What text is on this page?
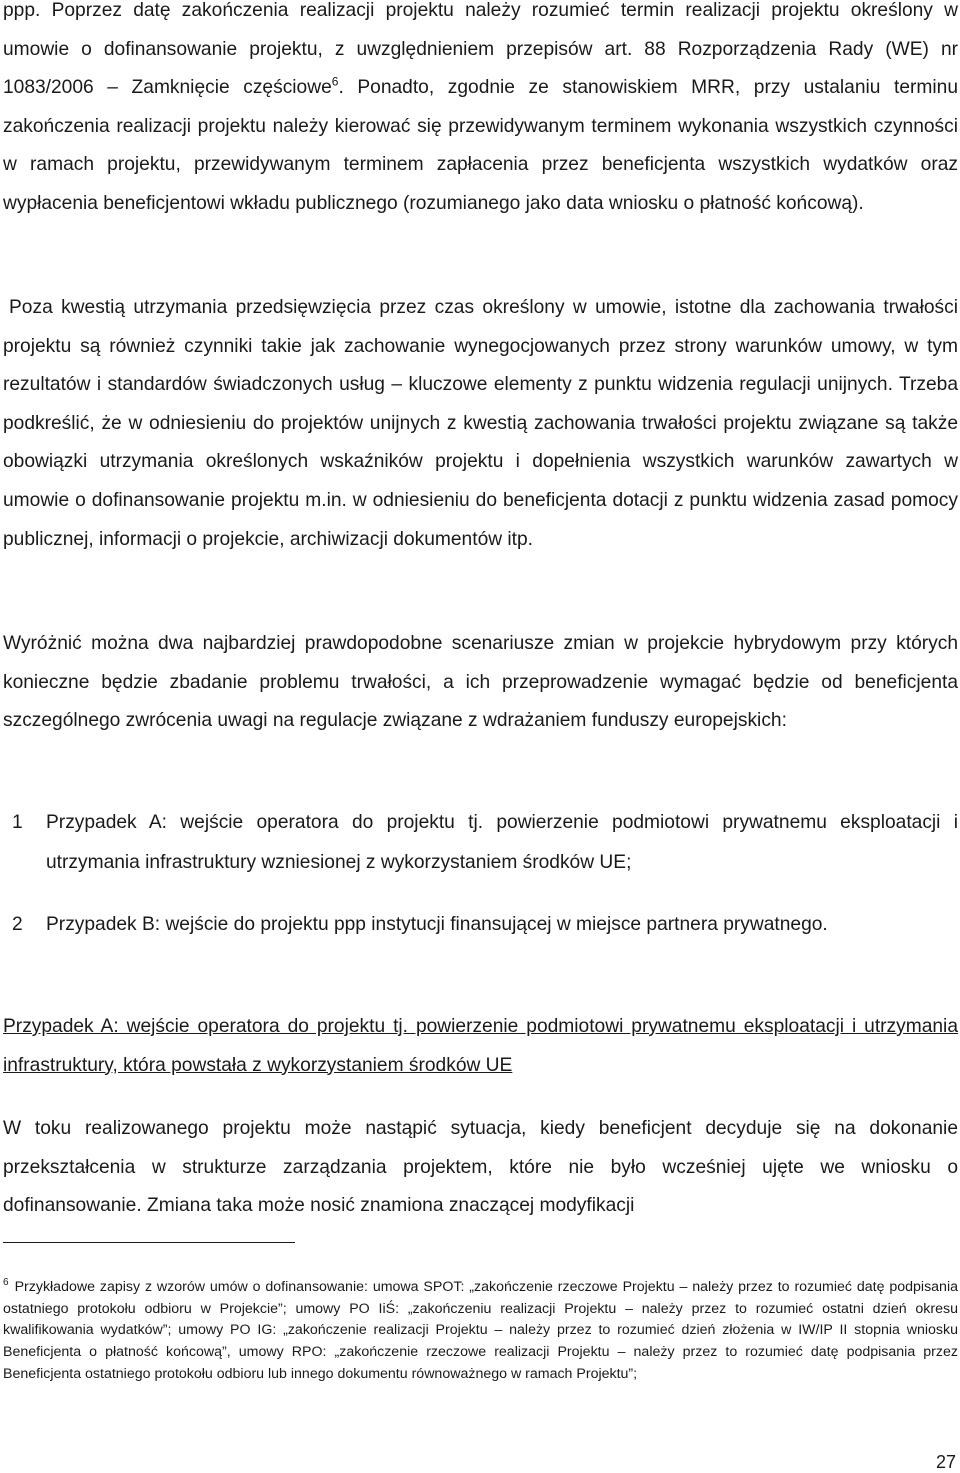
ppp. Poprzez datę zakończenia realizacji projektu należy rozumieć termin realizacji projektu określony w umowie o dofinansowanie projektu, z uwzględnieniem przepisów art. 88 Rozporządzenia Rady (WE) nr 1083/2006 – Zamknięcie częściowe$^6$. Ponadto, zgodnie ze stanowiskiem MRR, przy ustalaniu terminu zakończenia realizacji projektu należy kierować się przewidywanym terminem wykonania wszystkich czynności w ramach projektu, przewidywanym terminem zapłacenia przez beneficjenta wszystkich wydatków oraz wypłacenia beneficjentowi wkładu publicznego (rozumianego jako data wniosku o płatność końcową).

Poza kwestią utrzymania przedsięwzięcia przez czas określony w umowie, istotne dla zachowania trwałości projektu są również czynniki takie jak zachowanie wynegocjowanych przez strony warunków umowy, w tym rezultatów i standardów świadczonych usług – kluczowe elementy z punktu widzenia regulacji unijnych. Trzeba podkreślić, że w odniesieniu do projektów unijnych z kwestią zachowania trwałości projektu związane są także obowiązki utrzymania określonych wskaźników projektu i dopełnienia wszystkich warunków zawartych w umowie o dofinansowanie projektu m.in. w odniesieniu do beneficjenta dotacji z punktu widzenia zasad pomocy publicznej, informacji o projekcie, archiwizacji dokumentów itp.

Wyróżnić można dwa najbardziej prawdopodobne scenariusze zmian w projekcie hybrydowym przy których konieczne będzie zbadanie problemu trwałości, a ich przeprowadzenie wymagać będzie od beneficjenta szczególnego zwrócenia uwagi na regulacje związane z wdrażaniem funduszy europejskich:

1 Przypadek A: wejście operatora do projektu tj. powierzenie podmiotowi prywatnemu eksploatacji i utrzymania infrastruktury wzniesionej z wykorzystaniem środków UE;
2 Przypadek B: wejście do projektu ppp instytucji finansującej w miejsce partnera prywatnego.

Przypadek A: wejście operatora do projektu tj. powierzenie podmiotowi prywatnemu eksploatacji i utrzymania infrastruktury, która powstała z wykorzystaniem środków UE

W toku realizowanego projektu może nastąpić sytuacja, kiedy beneficjent decyduje się na dokonanie przekształcenia w strukturze zarządzania projektem, które nie było wcześniej ujęte we wniosku o dofinansowanie. Zmiana taka może nosić znamiona znaczącej modyfikacji

$^6$ Przykładowe zapisy z wzorów umów o dofinansowanie: umowa SPOT: „zakończenie rzeczowe Projektu – należy przez to rozumieć datę podpisania ostatniego protokołu odbioru w Projekcie”; umowy PO IiŚ: „zakończeniu realizacji Projektu – należy przez to rozumieć ostatni dzień okresu kwalifikowania wydatków”; umowy PO IG: „zakończenie realizacji Projektu – należy przez to rozumieć dzień złożenia w IW/IP II stopnia wniosku Beneficjenta o płatność końcową”, umowy RPO: „zakończenie rzeczowe realizacji Projektu – należy przez to rozumieć datę podpisania przez Beneficjenta ostatniego protokołu odbioru lub innego dokumentu równoważnego w ramach Projektu”;

27
